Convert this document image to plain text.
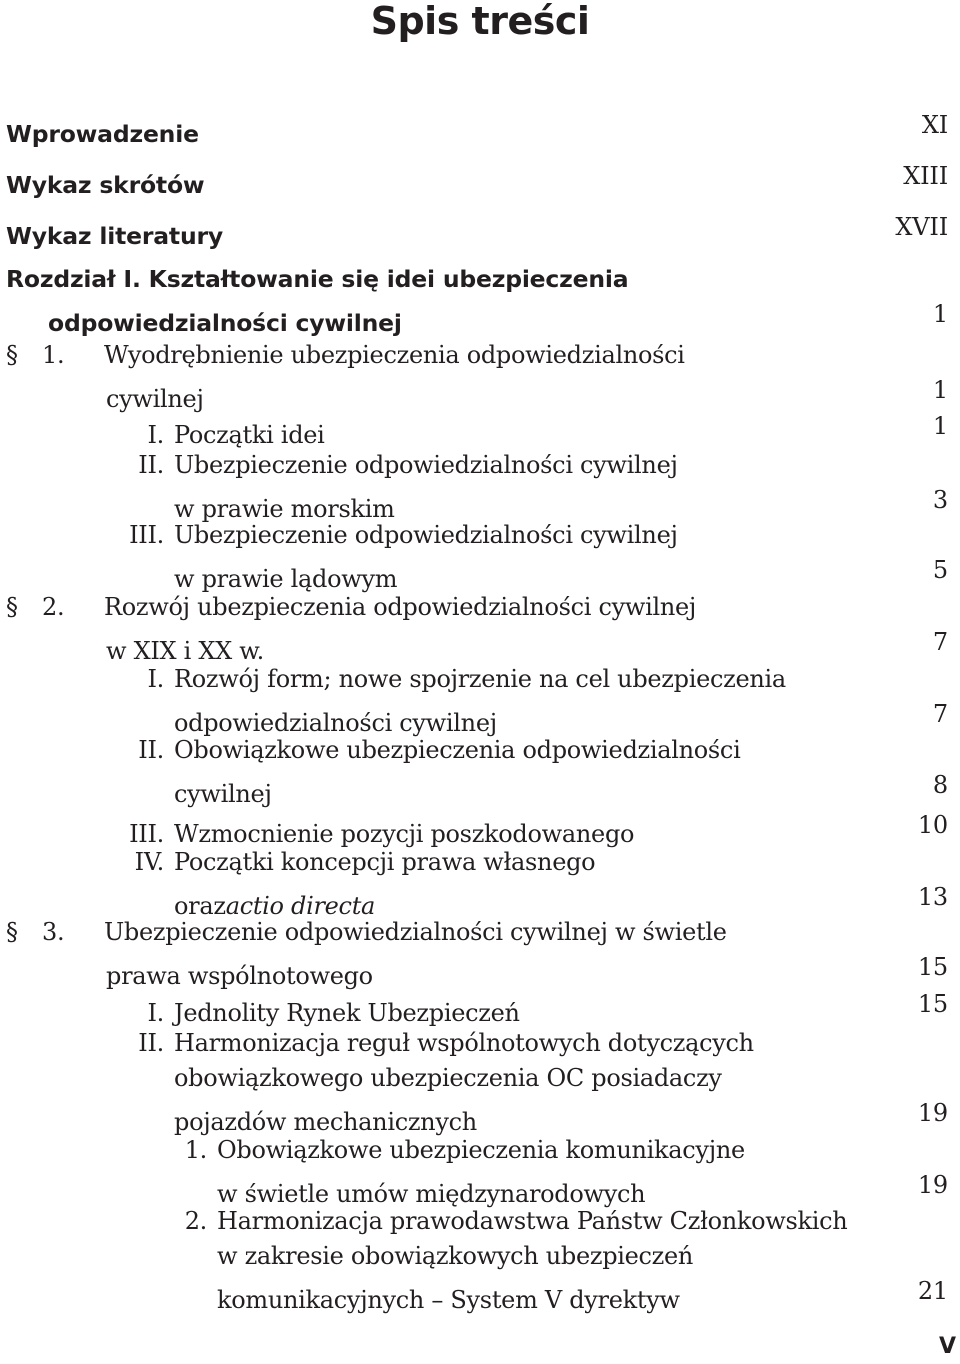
Spis treści
Wprowadzenie	XI
Wykaz skrótów	XIII
Wykaz literatury	XVII
Rozdział I. Kształtowanie się idei ubezpieczenia
odpowiedzialności cywilnej	1
§1. Wyodrębnienie ubezpieczenia odpowiedzialności
cywilnej	1
I. Początki idei	1
II. Ubezpieczenie odpowiedzialności cywilnej
w prawie morskim	3
III. Ubezpieczenie odpowiedzialności cywilnej
w prawie lądowym	5
§2. Rozwój ubezpieczenia odpowiedzialności cywilnej
w XIX i XX w.	7
I. Rozwój form; nowe spojrzenie na cel ubezpieczenia
odpowiedzialności cywilnej	7
II. Obowiązkowe ubezpieczenia odpowiedzialności
cywilnej	8
III. Wzmocnienie pozycji poszkodowanego	10
IV. Początki koncepcji prawa własnego
oraz actio directa	13
§3. Ubezpieczenie odpowiedzialności cywilnej w świetle
prawa wspólnotowego	15
I. Jednolity Rynek Ubezpieczeń	15
II. Harmonizacja reguł wspólnotowych dotyczących
obowiązkowego ubezpieczenia OC posiadaczy
pojazdów mechanicznych	19
1. Obowiązkowe ubezpieczenia komunikacyjne
w świetle umów międzynarodowych	19
2. Harmonizacja prawodawstwa Państw Członkowskich
w zakresie obowiązkowych ubezpieczeń
komunikacyjnych – System V dyrektyw	21
V
